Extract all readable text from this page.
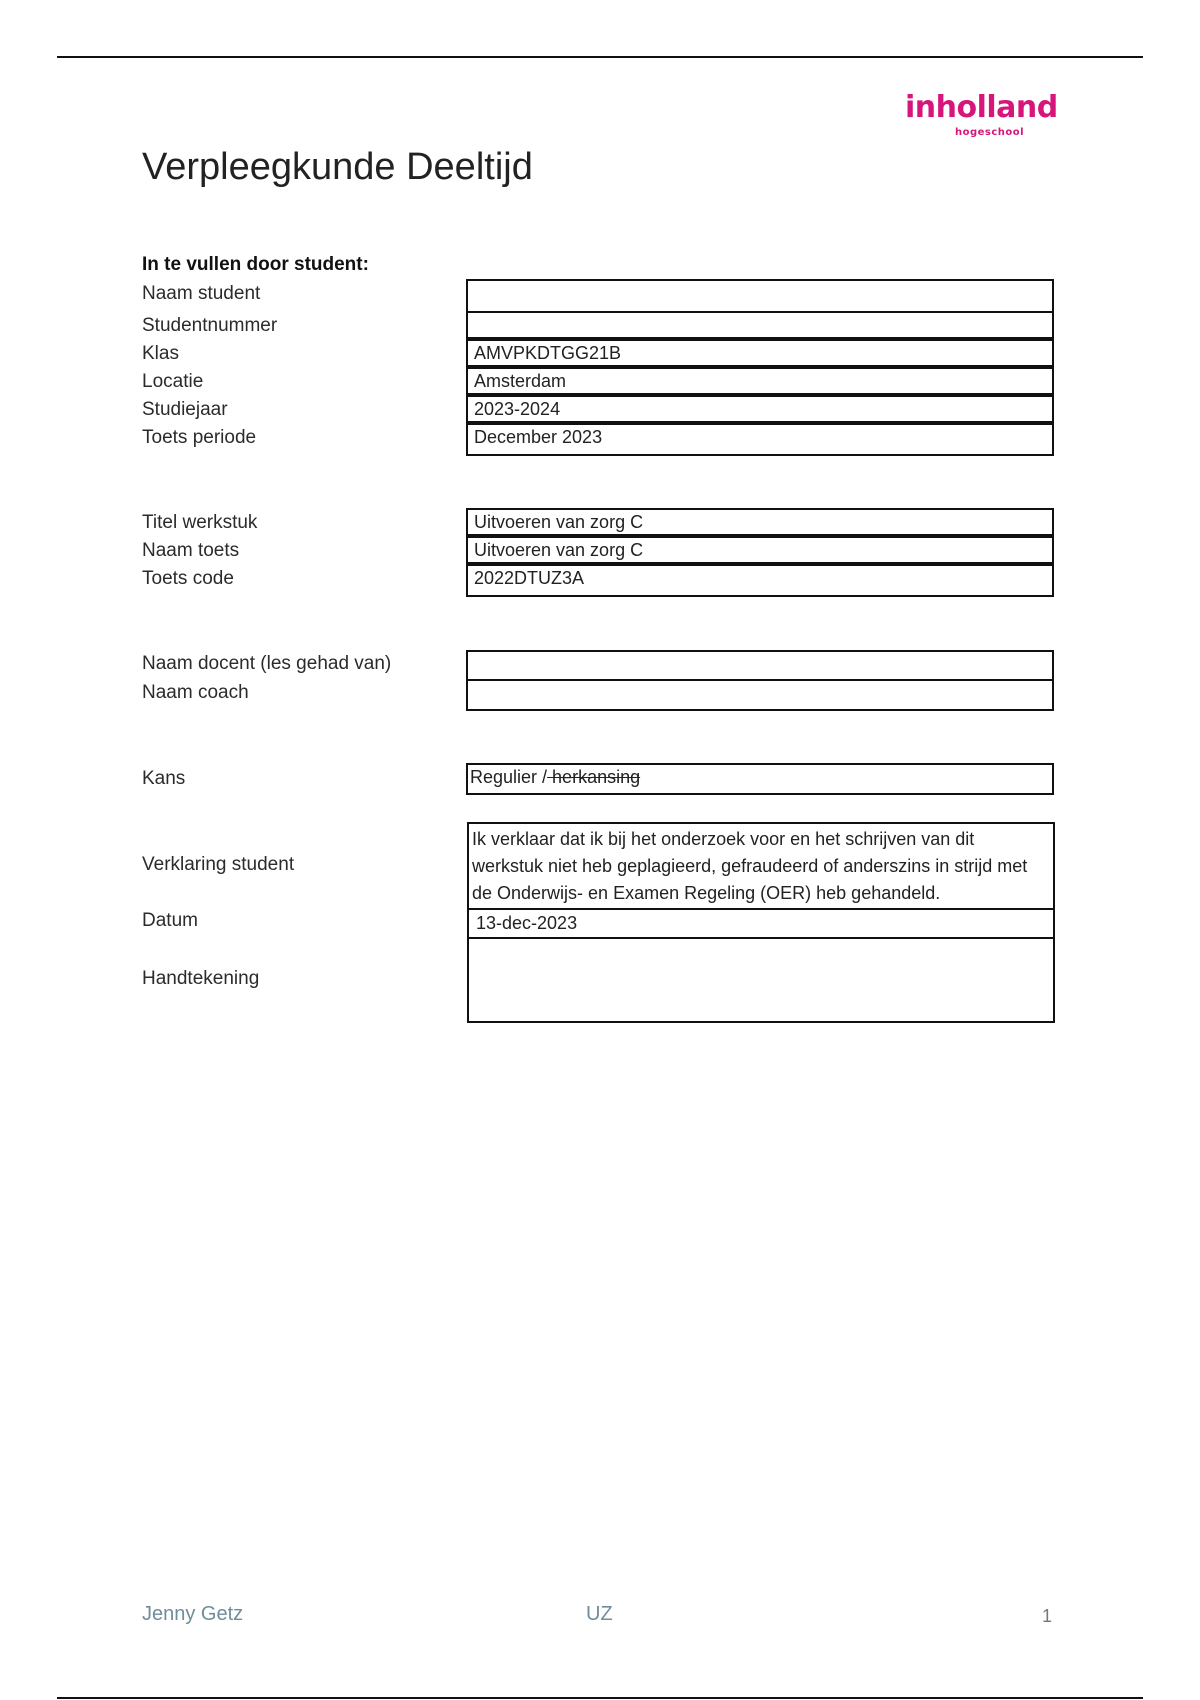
inholland
hogeschool
Verpleegkunde Deeltijd
In te vullen door student:
Naam student
Studentnummer
Klas	AMVPKDTGG21B
Locatie	Amsterdam
Studiejaar	2023-2024
Toets periode	December 2023
Titel werkstuk	Uitvoeren van zorg C
Naam toets	Uitvoeren van zorg C
Toets code	2022DTUZ3A
Naam docent (les gehad van)
Naam coach
Kans	Regulier / herkansing
Verklaring student
Ik verklaar dat ik bij het onderzoek voor en het schrijven van dit werkstuk niet heb geplagieerd, gefraudeerd of anderszins in strijd met de Onderwijs- en Examen Regeling (OER) heb gehandeld.
Datum	13-dec-2023
Handtekening
Jenny Getz	UZ	1
